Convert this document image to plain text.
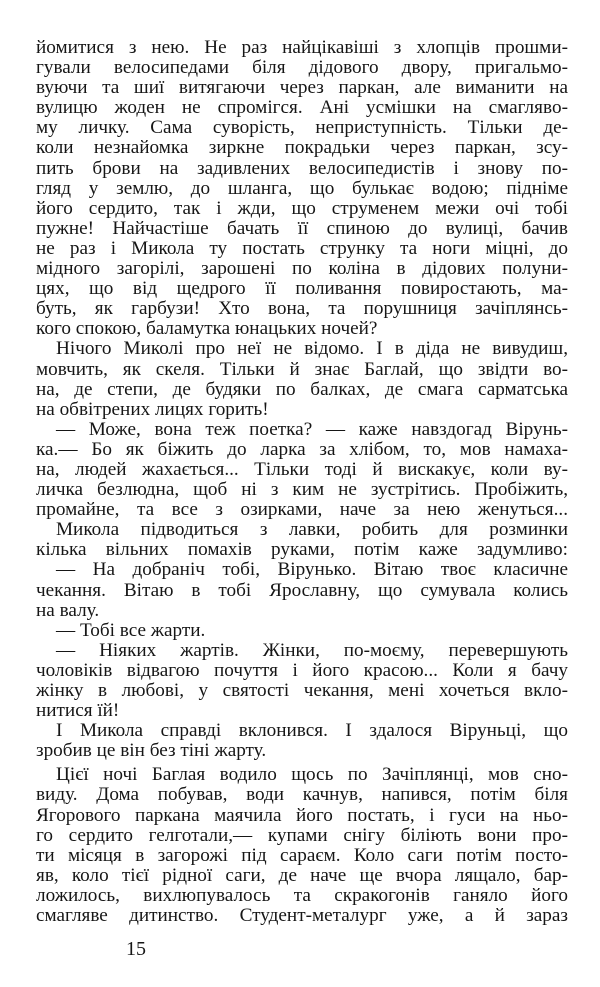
йомитися з нею. Не раз найцікавіші з хлопців прошми-
гували велосипедами біля дідового двору, пригальмо-
вуючи та шиї витягаючи через паркан, але виманити на
вулицю жоден не спромігся. Ані усмішки на смаглявo-
му личку. Сама суворість, неприступність. Тільки де-
коли незнайомка зиркне покрадьки через паркан, зсу-
пить брови на задивлених велосипедистів і знову по-
гляд у землю, до шланга, що булькає водою; підніме
його сердито, так і жди, що струменем межи очі тобі
пужне! Найчастіше бачать її спиною до вулиці, бачив
не раз і Микола ту постать струнку та ноги міцні, до
мідного загорілі, зарошені по коліна в дідових полуни-
цях, що від щедрого її поливання повиростають, ма-
буть, як гарбузи! Хто вона, та порушниця зачіплянсь-
кого спокою, баламутка юнацьких ночей?
Нічого Миколі про неї не відомо. І в діда не вивудиш,
мовчить, як скеля. Тільки й знає Баглай, що звідти во-
на, де степи, де будяки по балках, де смага сарматська
на обвітрених лицях горить!
— Може, вона теж поетка? — каже навздогад Вірунь-
ка.— Бо як біжить до ларка за хлібом, то, мов намаха-
на, людей жахається... Тільки тоді й вискакує, коли ву-
личка безлюдна, щоб ні з ким не зустрітись. Пробіжить,
промайне, та все з озирками, наче за нею женуться...
Микола підводиться з лавки, робить для розминки
кілька вільних помахів руками, потім каже задумливо:
— На добраніч тобі, Вірунько. Вітаю твоє класичне
чекання. Вітаю в тобі Ярославну, що сумувала колись
на валу.
— Тобі все жарти.
— Ніяких жартів. Жінки, по-моєму, перевершують
чоловіків відвагою почуття і його красою... Коли я бачу
жінку в любові, у святості чекання, мені хочеться вкло-
нитися їй!
І Микола справді вклонився. І здалося Віруньці, що
зробив це він без тіні жарту.
Цієї ночі Баглая водило щось по Зачіплянці, мов сно-
виду. Дома побував, води качнув, напився, потім біля
Ягорового паркана маячила його постать, і гуси на ньо-
го сердито гелготали,— купами снігу біліють вони про-
ти місяця в загорожі під сараєм. Коло саги потім посто-
яв, коло тієї рідної саги, де наче ще вчора лящало, бар-
ложилось, вихлюпувалось та скракогонів ганяло його
смагляве дитинство. Студент-металург уже, а й зараз
15
